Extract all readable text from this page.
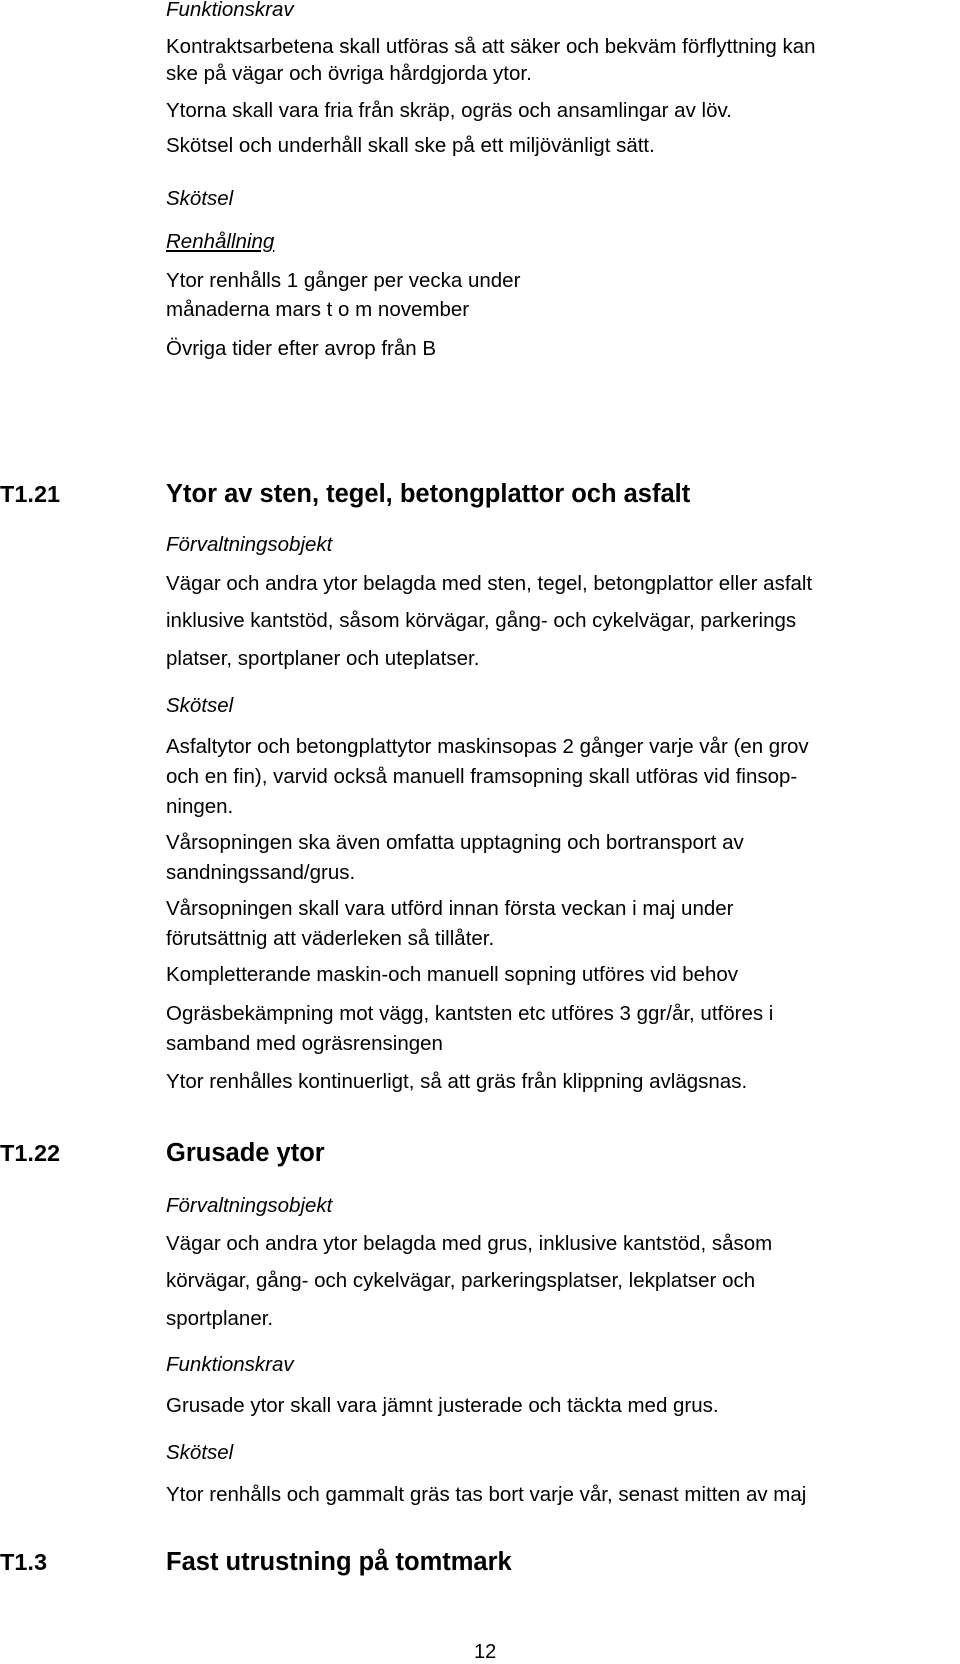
Funktionskrav
Kontraktsarbetena skall utföras så att säker och bekväm förflyttning kan
ske på vägar och övriga hårdgjorda ytor.
Ytorna skall vara fria från skräp, ogräs och ansamlingar av löv.
Skötsel och underhåll skall ske på ett miljövänligt sätt.
Skötsel
Renhållning
Ytor renhålls 1 gånger per vecka under
månaderna mars t o m november
Övriga tider efter avrop från B
T1.21	Ytor av sten, tegel, betongplattor och asfalt
Förvaltningsobjekt
Vägar och andra ytor belagda med sten, tegel, betongplattor eller asfalt
inklusive kantstöd, såsom körvägar, gång- och cykelvägar, parkerings
platser, sportplaner och uteplatser.
Skötsel
Asfaltytor och betongplattytor maskinsopas 2 gånger varje vår (en grov
och en fin), varvid också manuell framsopning skall utföras vid finsop-
ningen.
Vårsopningen ska även omfatta upptagning och bortransport av
sandningssand/grus.
Vårsopningen skall vara utförd innan första veckan i maj under
förutsättnig att väderleken så tillåter.
Kompletterande maskin-och manuell sopning utföres vid behov
Ogräsbekämpning mot vägg, kantsten etc utföres 3 ggr/år, utföres i
samband med ogräsrensingen
Ytor renhålles kontinuerligt, så att gräs från klippning avlägsnas.
T1.22	Grusade ytor
Förvaltningsobjekt
Vägar och andra ytor belagda med grus, inklusive kantstöd, såsom
körvägar, gång- och cykelvägar, parkeringsplatser, lekplatser och
sportplaner.
Funktionskrav
Grusade ytor skall vara jämnt justerade och täckta med grus.
Skötsel
Ytor renhålls och gammalt gräs tas bort varje vår, senast mitten av maj
T1.3	Fast utrustning på tomtmark
12
